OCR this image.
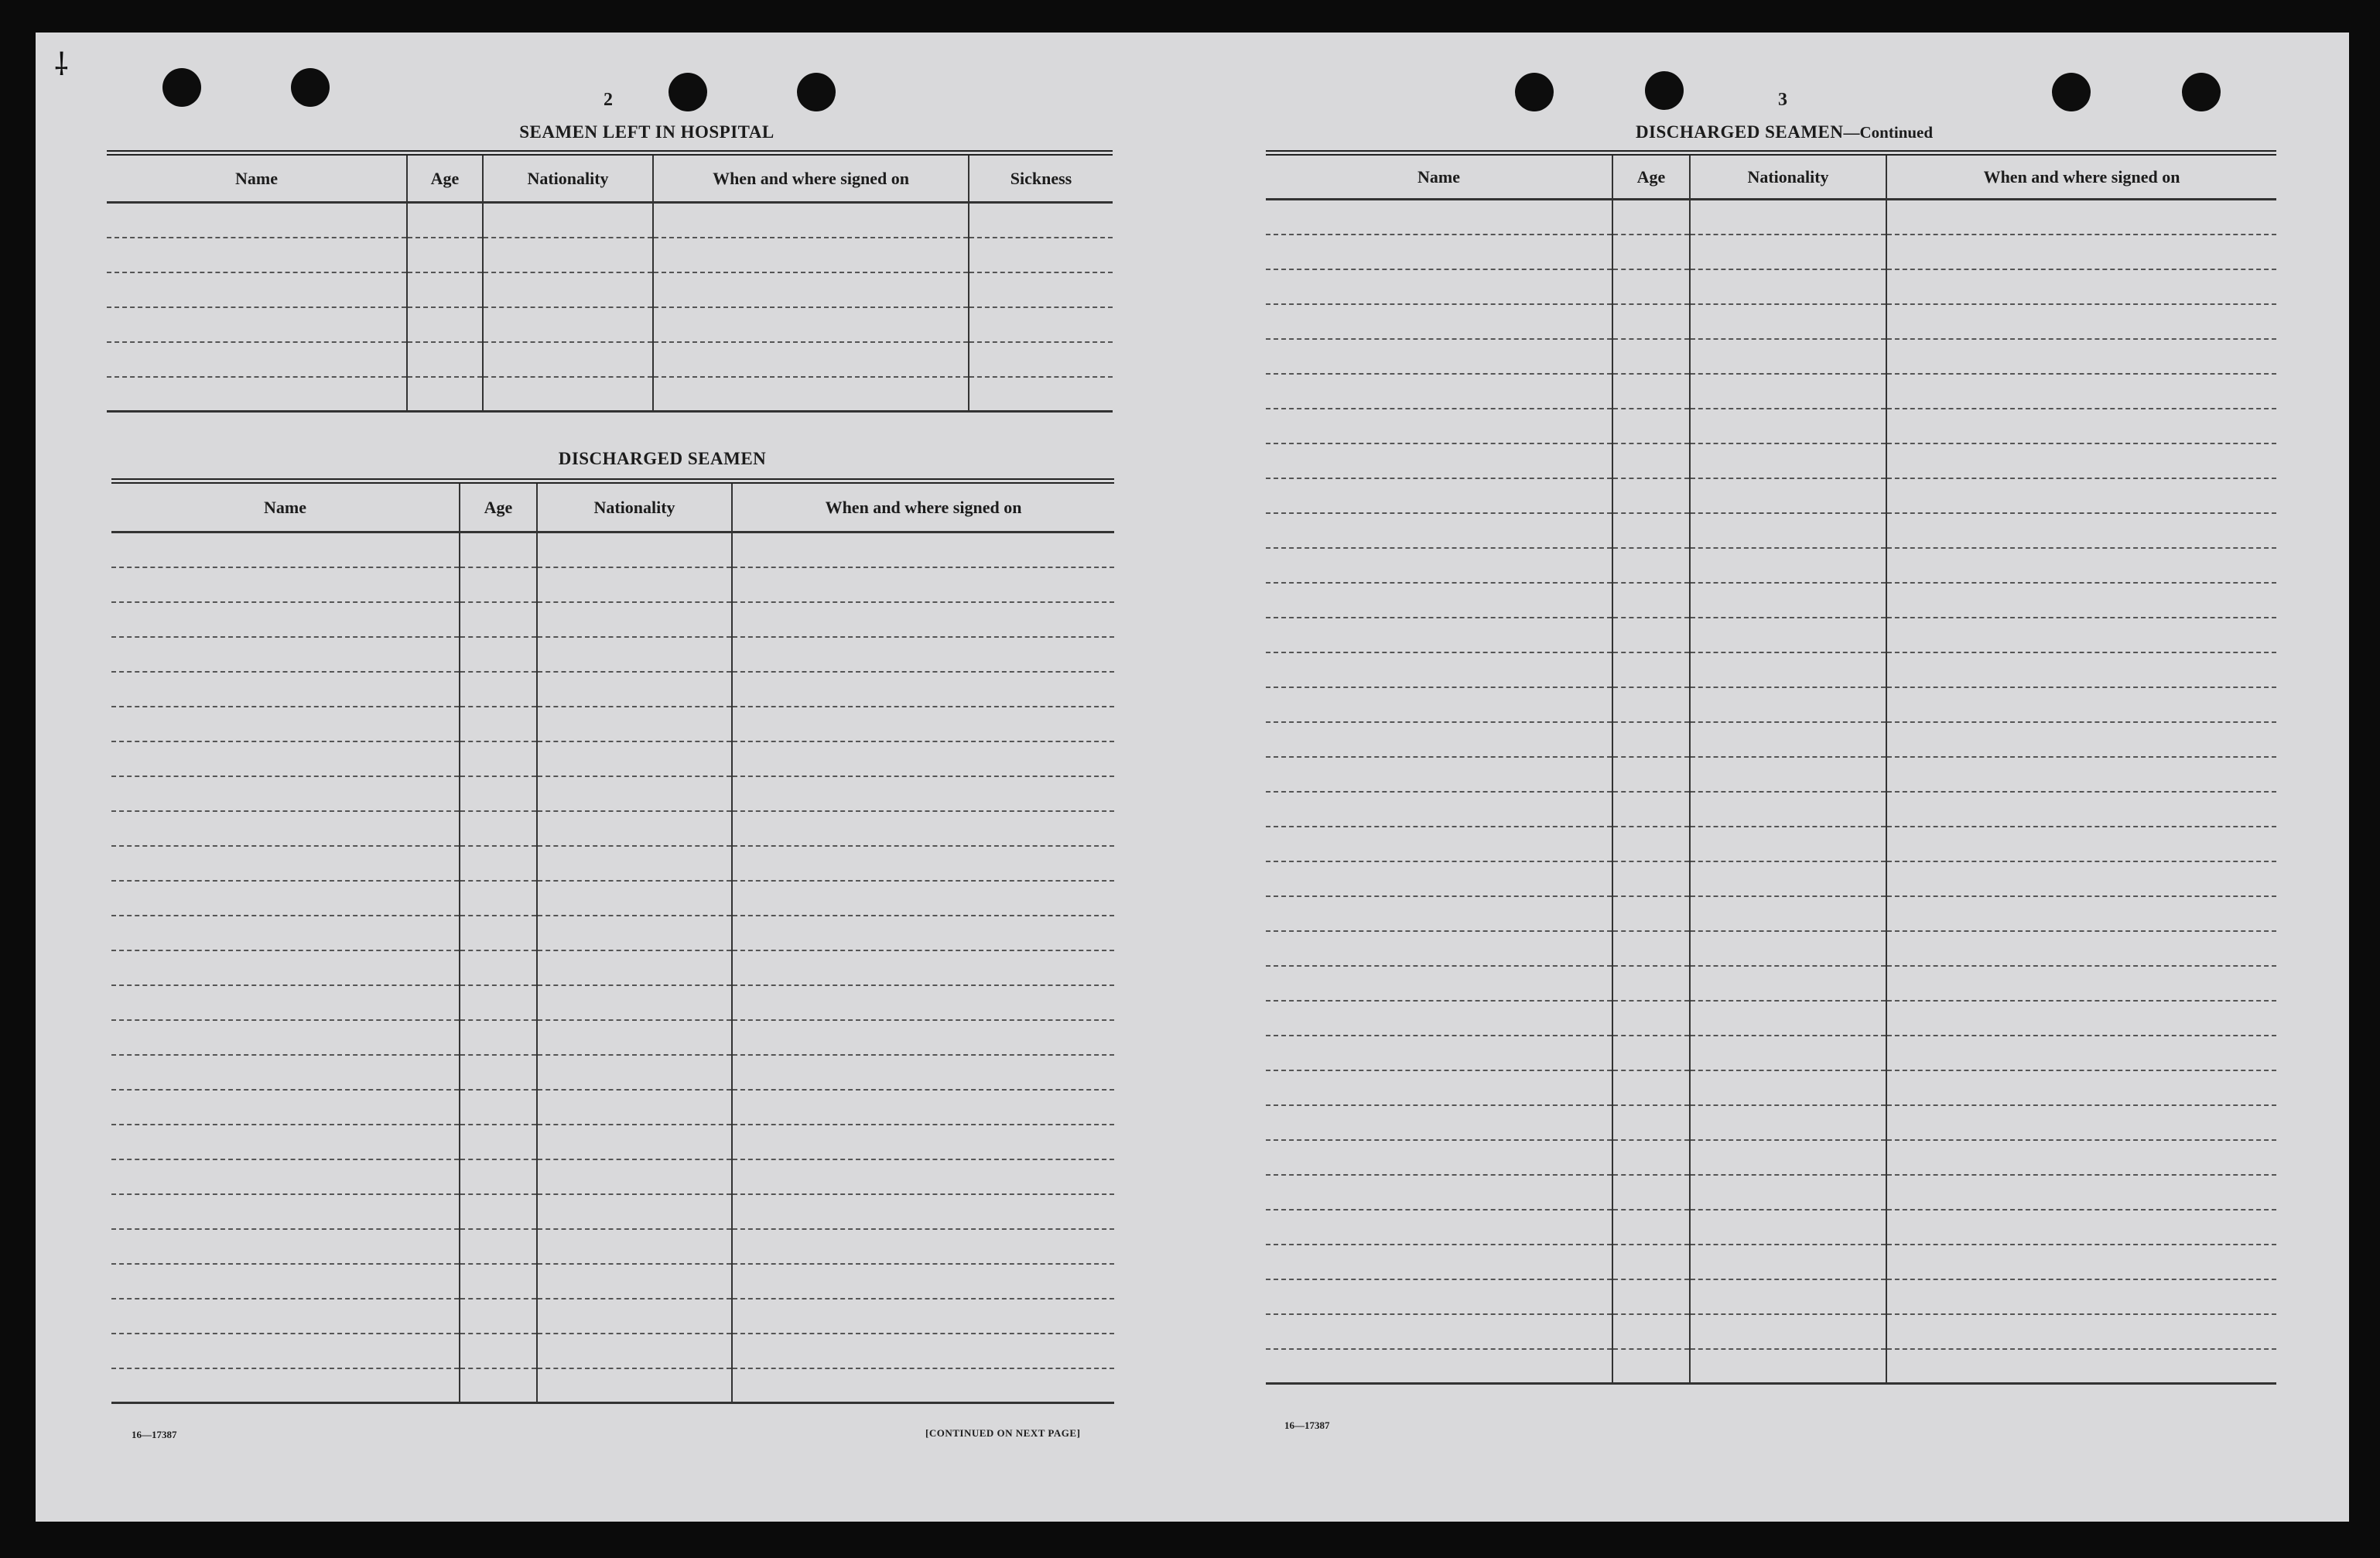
⸸
2
SEAMEN LEFT IN HOSPITAL
Name	Age	Nationality	When and where signed on	Sickness

DISCHARGED SEAMEN
Name	Age	Nationality	When and where signed on

16—17387	[CONTINUED ON NEXT PAGE]
3
DISCHARGED SEAMEN—Continued
Name	Age	Nationality	When and where signed on

16—17387
